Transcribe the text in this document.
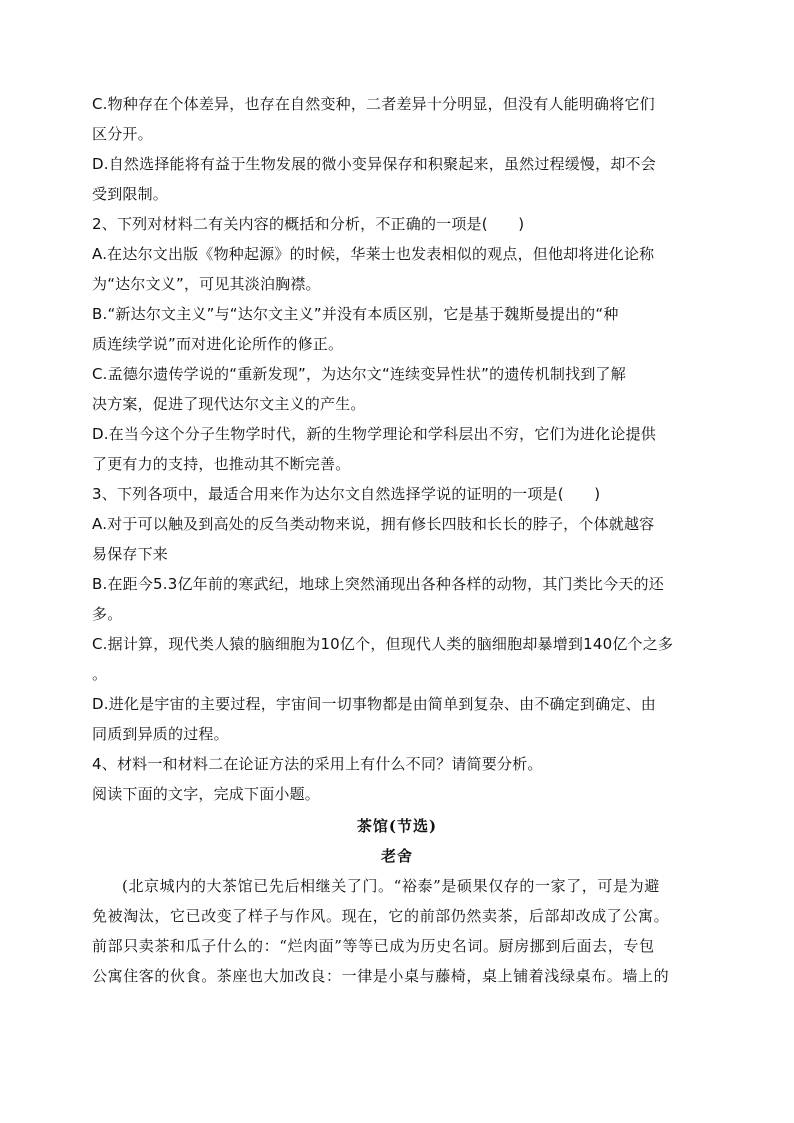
C.物种存在个体差异，也存在自然变种，二者差异十分明显，但没有人能明确将它们
区分开。
D.自然选择能将有益于生物发展的微小变异保存和积聚起来，虽然过程缓慢，却不会
受到限制。
2、下列对材料二有关内容的概括和分析，不正确的一项是(　　)
A.在达尔文出版《物种起源》的时候，华莱士也发表相似的观点，但他却将进化论称
为“达尔文义”，可见其淡泊胸襟。
B.“新达尔文主义”与“达尔文主义”并没有本质区别，它是基于魏斯曼提出的“种
质连续学说”而对进化论所作的修正。
C.孟德尔遗传学说的“重新发现”，为达尔文“连续变异性状”的遗传机制找到了解
决方案，促进了现代达尔文主义的产生。
D.在当今这个分子生物学时代，新的生物学理论和学科层出不穷，它们为进化论提供
了更有力的支持，也推动其不断完善。
3、下列各项中，最适合用来作为达尔文自然选择学说的证明的一项是(　　)
A.对于可以触及到高处的反刍类动物来说，拥有修长四肢和长长的脖子，个体就越容
易保存下来
B.在距今5.3亿年前的寒武纪，地球上突然涌现出各种各样的动物，其门类比今天的还
多。
C.据计算，现代类人猿的脑细胞为10亿个，但现代人类的脑细胞却暴增到140亿个之多
。
D.进化是宇宙的主要过程，宇宙间一切事物都是由简单到复杂、由不确定到确定、由
同质到异质的过程。
4、材料一和材料二在论证方法的采用上有什么不同？请简要分析。
阅读下面的文字，完成下面小题。
茶馆(节选)
老舍
(北京城内的大茶馆已先后相继关了门。“裕泰”是硕果仅存的一家了，可是为避
免被淘汰，它已改变了样子与作风。现在，它的前部仍然卖茶，后部却改成了公寓。
前部只卖茶和瓜子什么的：“烂肉面”等等已成为历史名词。厨房挪到后面去，专包
公寓住客的伙食。茶座也大加改良：一律是小桌与藤椅，桌上铺着浅绿桌布。墙上的
